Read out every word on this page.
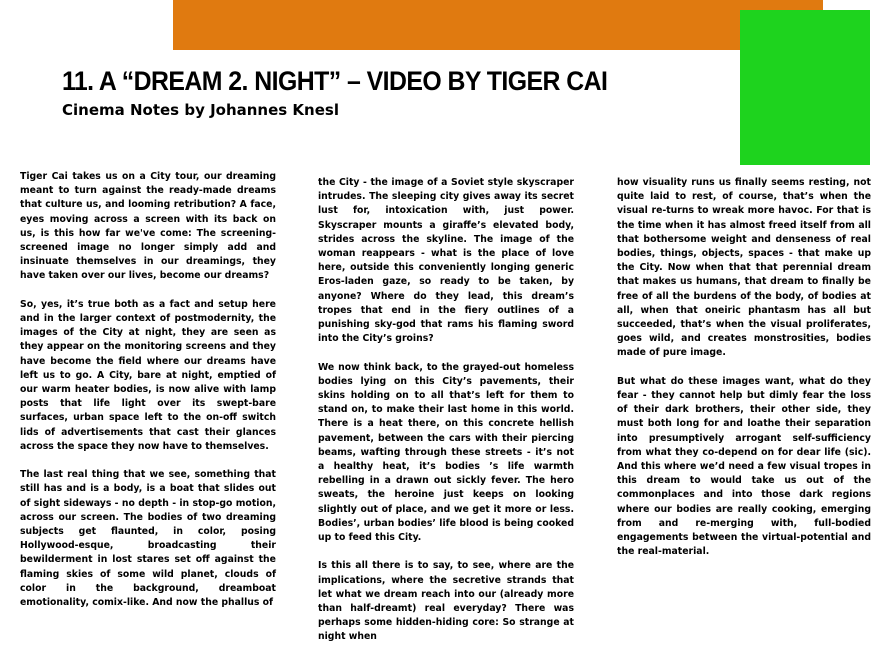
11. A “DREAM 2. NIGHT” – VIDEO BY TIGER CAI
Cinema Notes by Johannes Knesl

Tiger Cai takes us on a City tour, our dreaming meant to turn against the ready-made dreams that culture us, and looming retribution? A face, eyes moving across a screen with its back on us, is this how far we've come: The screening-screened image no longer simply add and insinuate themselves in our dreamings, they have taken over our lives, become our dreams?

So, yes, it’s true both as a fact and setup here and in the larger context of postmodernity, the images of the City at night, they are seen as they appear on the monitoring screens and they have become the field where our dreams have left us to go. A City, bare at night, emptied of our warm heater bodies, is now alive with lamp posts that life light over its swept-bare surfaces, urban space left to the on-off switch lids of advertisements that cast their glances across the space they now have to themselves.

The last real thing that we see, something that still has and is a body, is a boat that slides out of sight sideways - no depth - in stop-go motion, across our screen. The bodies of two dreaming subjects get flaunted, in color, posing Hollywood-esque, broadcasting their bewilderment in lost stares set off against the flaming skies of some wild planet, clouds of color in the background, dreamboat emotionality, comix-like. And now the phallus of

the City - the image of a Soviet style skyscraper intrudes. The sleeping city gives away its secret lust for, intoxication with, just power. Skyscraper mounts a giraffe’s elevated body, strides across the skyline. The image of the woman reappears - what is the place of love here, outside this conveniently longing generic Eros-laden gaze, so ready to be taken, by anyone? Where do they lead, this dream’s tropes that end in the fiery outlines of a punishing sky-god that rams his flaming sword into the City’s groins?

We now think back, to the grayed-out homeless bodies lying on this City’s pavements, their skins holding on to all that’s left for them to stand on, to make their last home in this world. There is a heat there, on this concrete hellish pavement, between the cars with their piercing beams, wafting through these streets - it’s not a healthy heat, it’s bodies ’s life warmth rebelling in a drawn out sickly fever. The hero sweats, the heroine just keeps on looking slightly out of place, and we get it more or less. Bodies’, urban bodies’ life blood is being cooked up to feed this City.

Is this all there is to say, to see, where are the implications, where the secretive strands that let what we dream reach into our (already more than half-dreamt) real everyday? There was perhaps some hidden-hiding core: So strange at night when

how visuality runs us finally seems resting, not quite laid to rest, of course, that’s when the visual re-turns to wreak more havoc. For that is the time when it has almost freed itself from all that bothersome weight and denseness of real bodies, things, objects, spaces - that make up the City. Now when that that perennial dream that makes us humans, that dream to finally be free of all the burdens of the body, of bodies at all, when that oneiric phantasm has all but succeeded, that’s when the visual proliferates, goes wild, and creates monstrosities, bodies made of pure image.

But what do these images want, what do they fear - they cannot help but dimly fear the loss of their dark brothers, their other side, they must both long for and loathe their separation into presumptively arrogant self-sufficiency from what they co-depend on for dear life (sic). And this where we’d need a few visual tropes in this dream to would take us out of the commonplaces and into those dark regions where our bodies are really cooking, emerging from and re-merging with, full-bodied engagements between the virtual-potential and the real-material.
